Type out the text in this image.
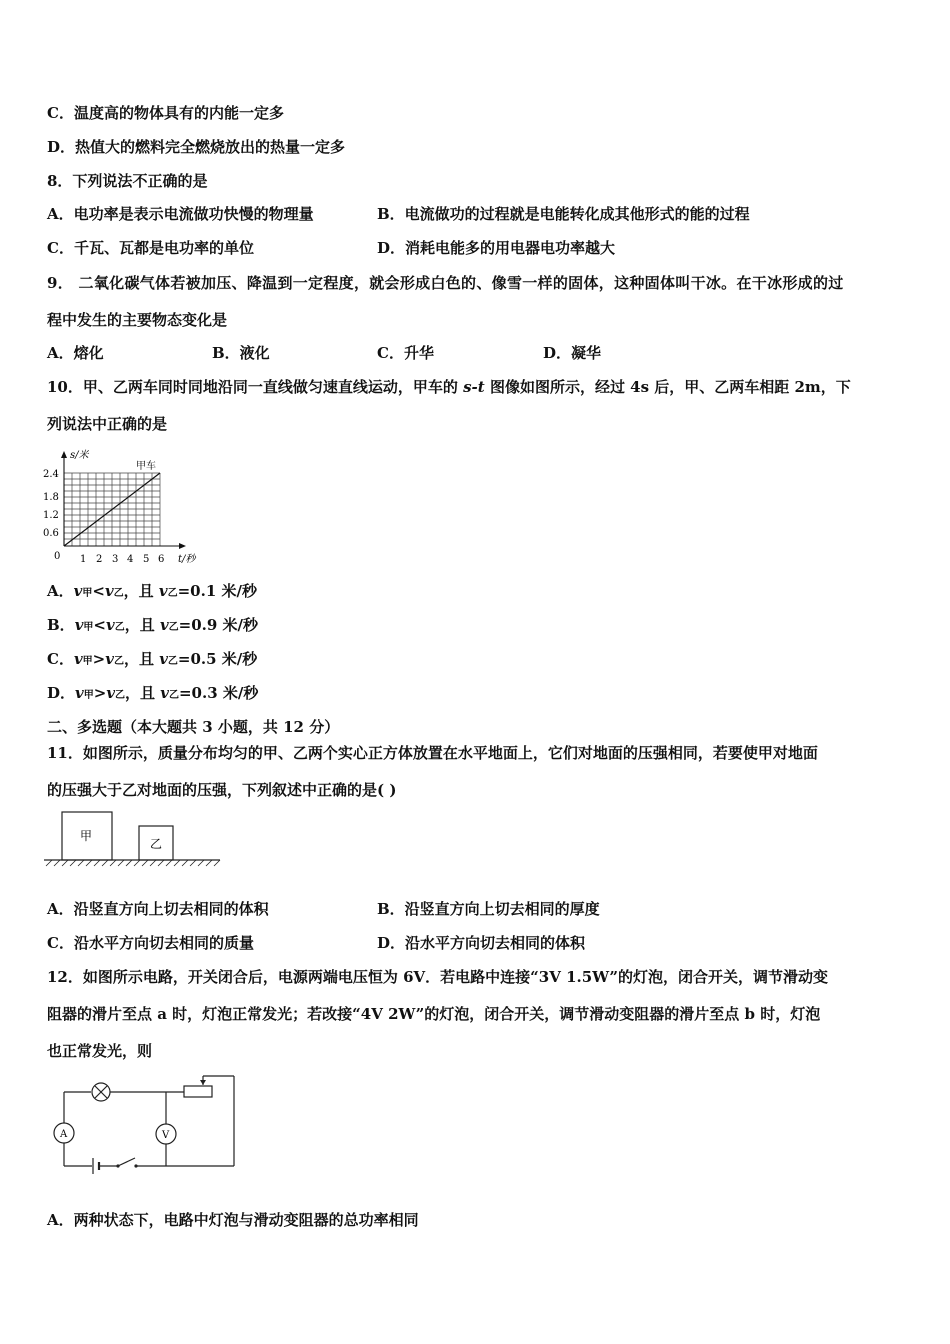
C．温度高的物体具有的内能一定多
D．热值大的燃料完全燃烧放出的热量一定多
8．下列说法不正确的是
A．电功率是表示电流做功快慢的物理量	B．电流做功的过程就是电能转化成其他形式的能的过程
C．千瓦、瓦都是电功率的单位	D．消耗电能多的用电器电功率越大
9． 二氧化碳气体若被加压、降温到一定程度，就会形成白色的、像雪一样的固体，这种固体叫干冰。在干冰形成的过
程中发生的主要物态变化是
A．熔化	B．液化	C．升华	D．凝华
10．甲、乙两车同时同地沿同一直线做匀速直线运动，甲车的 s-t 图像如图所示，经过 4s 后，甲、乙两车相距 2m，下
列说法中正确的是
s/米
甲车
2.4
1.8
1.2
0.6
0 1 2 3 4 5 6 t/秒
A．v甲<v乙，且 v乙=0.1 米/秒
B．v甲<v乙，且 v乙=0.9 米/秒
C．v甲>v乙，且 v乙=0.5 米/秒
D．v甲>v乙，且 v乙=0.3 米/秒
二、多选题（本大题共 3 小题，共 12 分）
11．如图所示，质量分布均匀的甲、乙两个实心正方体放置在水平地面上，它们对地面的压强相同，若要使甲对地面
的压强大于乙对地面的压强，下列叙述中正确的是( )
甲
乙
A．沿竖直方向上切去相同的体积	B．沿竖直方向上切去相同的厚度
C．沿水平方向切去相同的质量	D．沿水平方向切去相同的体积
12．如图所示电路，开关闭合后，电源两端电压恒为 6V．若电路中连接“3V 1.5W”的灯泡，闭合开关，调节滑动变
阻器的滑片至点 a 时，灯泡正常发光；若改接“4V 2W”的灯泡，闭合开关，调节滑动变阻器的滑片至点 b 时，灯泡
也正常发光，则
A	V
A．两种状态下，电路中灯泡与滑动变阻器的总功率相同
